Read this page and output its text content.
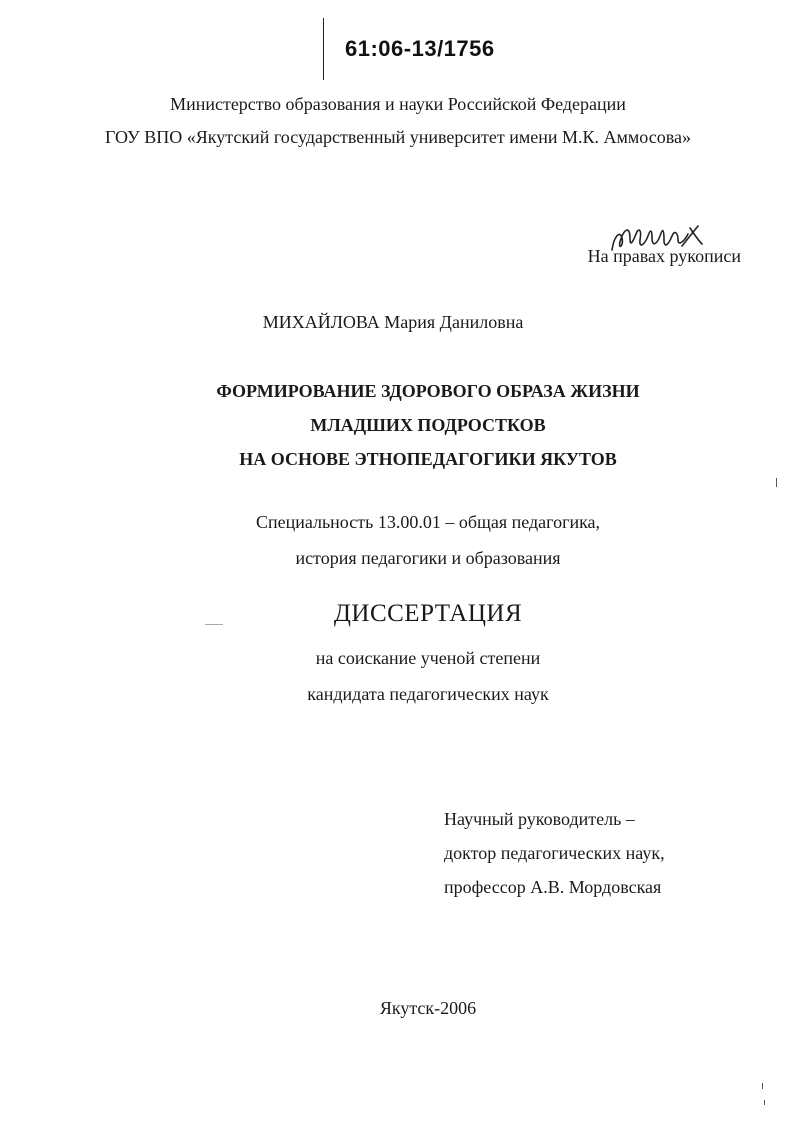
61:06-13/1756
Министерство образования и науки Российской Федерации
ГОУ ВПО «Якутский государственный университет имени М.К. Аммосова»
На правах рукописи
МИХАЙЛОВА Мария Даниловна
ФОРМИРОВАНИЕ ЗДОРОВОГО ОБРАЗА ЖИЗНИ
МЛАДШИХ ПОДРОСТКОВ
НА ОСНОВЕ ЭТНОПЕДАГОГИКИ ЯКУТОВ
Специальность 13.00.01 – общая педагогика,
история педагогики и образования
ДИССЕРТАЦИЯ
на соискание ученой степени
кандидата педагогических наук
Научный руководитель –
доктор педагогических наук,
профессор А.В. Мордовская
Якутск-2006
